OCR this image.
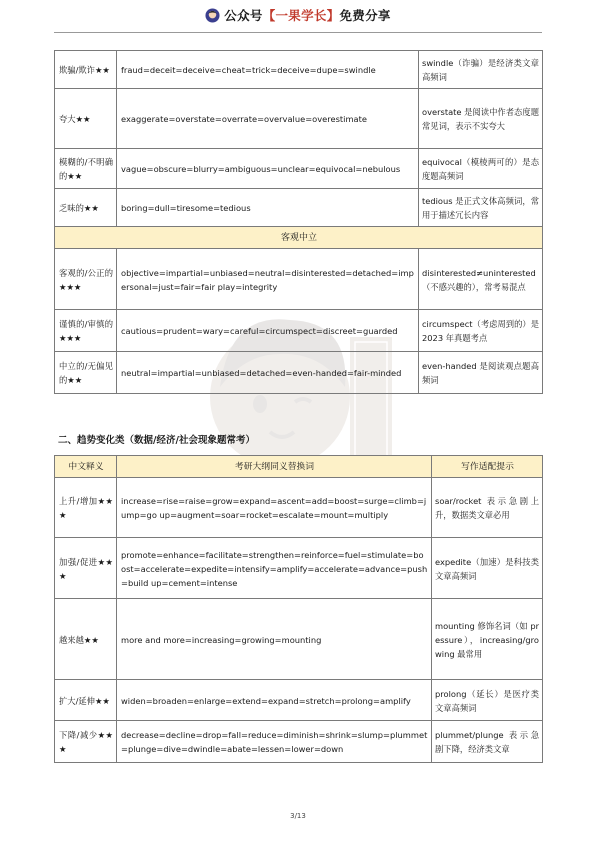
公众号【一果学长】免费分享
欺骗/欺诈★★	fraud=deceit=deceive=cheat=trick=deceive=dupe=swindle	swindle（诈骗）是经济类文章高频词
夸大★★	exaggerate=overstate=overrate=overvalue=overestimate	overstate 是阅读中作者态度题常见词，表示不实夸大
模糊的/不明确的★★	vague=obscure=blurry=ambiguous=unclear=equivocal=nebulous	equivocal（模棱两可的）是态度题高频词
乏味的★★	boring=dull=tiresome=tedious	tedious 是正式文体高频词，常用于描述冗长内容
客观中立		
客观的/公正的★★★	objective=impartial=unbiased=neutral=disinterested=detached=impersonal=just=fair=fair play=integrity	disinterested≠uninterested（不感兴趣的），常考易混点
谨慎的/审慎的★★★	cautious=prudent=wary=careful=circumspect=discreet=guarded	circumspect（考虑周到的）是 2023 年真题考点
中立的/无偏见的★★	neutral=impartial=unbiased=detached=even-handed=fair-minded	even-handed 是阅读观点题高频词
二、趋势变化类（数据/经济/社会现象题常考）
中文释义	考研大纲同义替换词	写作适配提示
上升/增加★★★	increase=rise=raise=grow=expand=ascent=add=boost=surge=climb=jump=go up=augment=soar=rocket=escalate=mount=multiply	soar/rocket 表示急剧上升，数据类文章必用
加强/促进★★★	promote=enhance=facilitate=strengthen=reinforce=fuel=stimulate=boost=accelerate=expedite=intensify=amplify=accelerate=advance=push=build up=cement=intense	expedite（加速）是科技类文章高频词
越来越★★	more and more=increasing=growing=mounting	mounting 修饰名词（如 pressure），increasing/growing 最常用
扩大/延伸★★	widen=broaden=enlarge=extend=expand=stretch=prolong=amplify	prolong（延长）是医疗类文章高频词
下降/减少★★★	decrease=decline=drop=fall=reduce=diminish=shrink=slump=plummet=plunge=dive=dwindle=abate=lessen=lower=down	plummet/plunge 表示急剧下降，经济类文章
3/13
